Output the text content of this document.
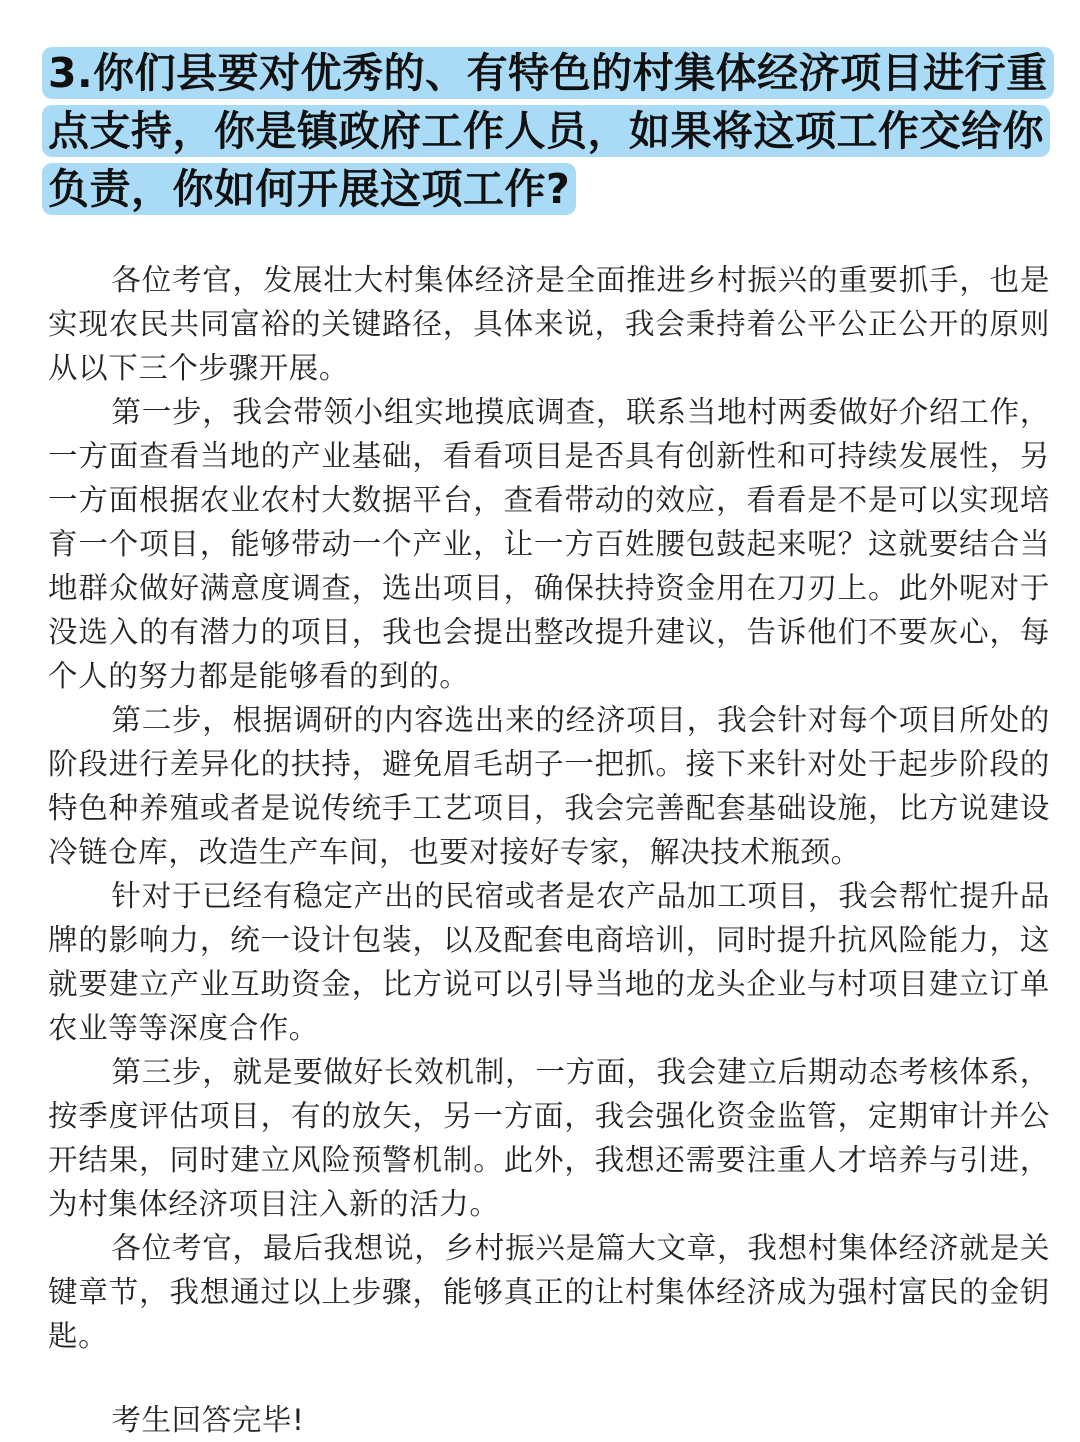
3.你们县要对优秀的、有特色的村集体经济项目进行重点支持，你是镇政府工作人员，如果将这项工作交给你负责，你如何开展这项工作?

各位考官，发展壮大村集体经济是全面推进乡村振兴的重要抓手，也是实现农民共同富裕的关键路径，具体来说，我会秉持着公平公正公开的原则从以下三个步骤开展。

第一步，我会带领小组实地摸底调查，联系当地村两委做好介绍工作，一方面查看当地的产业基础，看看项目是否具有创新性和可持续发展性，另一方面根据农业农村大数据平台，查看带动的效应，看看是不是可以实现培育一个项目，能够带动一个产业，让一方百姓腰包鼓起来呢？这就要结合当地群众做好满意度调查，选出项目，确保扶持资金用在刀刃上。此外呢对于没选入的有潜力的项目，我也会提出整改提升建议，告诉他们不要灰心，每个人的努力都是能够看的到的。

第二步，根据调研的内容选出来的经济项目，我会针对每个项目所处的阶段进行差异化的扶持，避免眉毛胡子一把抓。接下来针对处于起步阶段的特色种养殖或者是说传统手工艺项目，我会完善配套基础设施，比方说建设冷链仓库，改造生产车间，也要对接好专家，解决技术瓶颈。

针对于已经有稳定产出的民宿或者是农产品加工项目，我会帮忙提升品牌的影响力，统一设计包装，以及配套电商培训，同时提升抗风险能力，这就要建立产业互助资金，比方说可以引导当地的龙头企业与村项目建立订单农业等等深度合作。

第三步，就是要做好长效机制，一方面，我会建立后期动态考核体系，按季度评估项目，有的放矢，另一方面，我会强化资金监管，定期审计并公开结果，同时建立风险预警机制。此外，我想还需要注重人才培养与引进，为村集体经济项目注入新的活力。

各位考官，最后我想说，乡村振兴是篇大文章，我想村集体经济就是关键章节，我想通过以上步骤，能够真正的让村集体经济成为强村富民的金钥匙。

考生回答完毕!
